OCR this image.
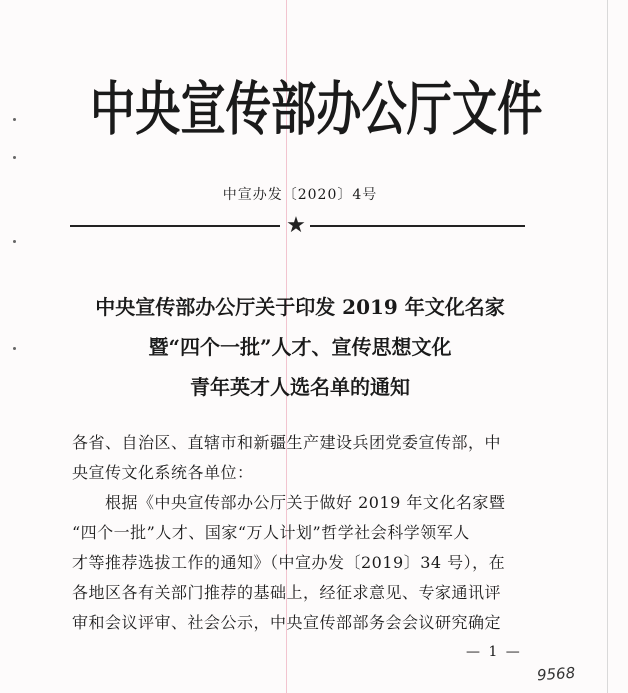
中央宣传部办公厅文件
中宣办发〔2020〕4号
★
中央宣传部办公厅关于印发 2019 年文化名家
暨“四个一批”人才、宣传思想文化
青年英才人选名单的通知
各省、自治区、直辖市和新疆生产建设兵团党委宣传部，中
央宣传文化系统各单位：
　　根据《中央宣传部办公厅关于做好 2019 年文化名家暨
“四个一批”人才、国家“万人计划”哲学社会科学领军人
才等推荐选拔工作的通知》（中宣办发〔2019〕34 号），在
各地区各有关部门推荐的基础上，经征求意见、专家通讯评
审和会议评审、社会公示，中央宣传部部务会会议研究确定
— 1 —
9568
